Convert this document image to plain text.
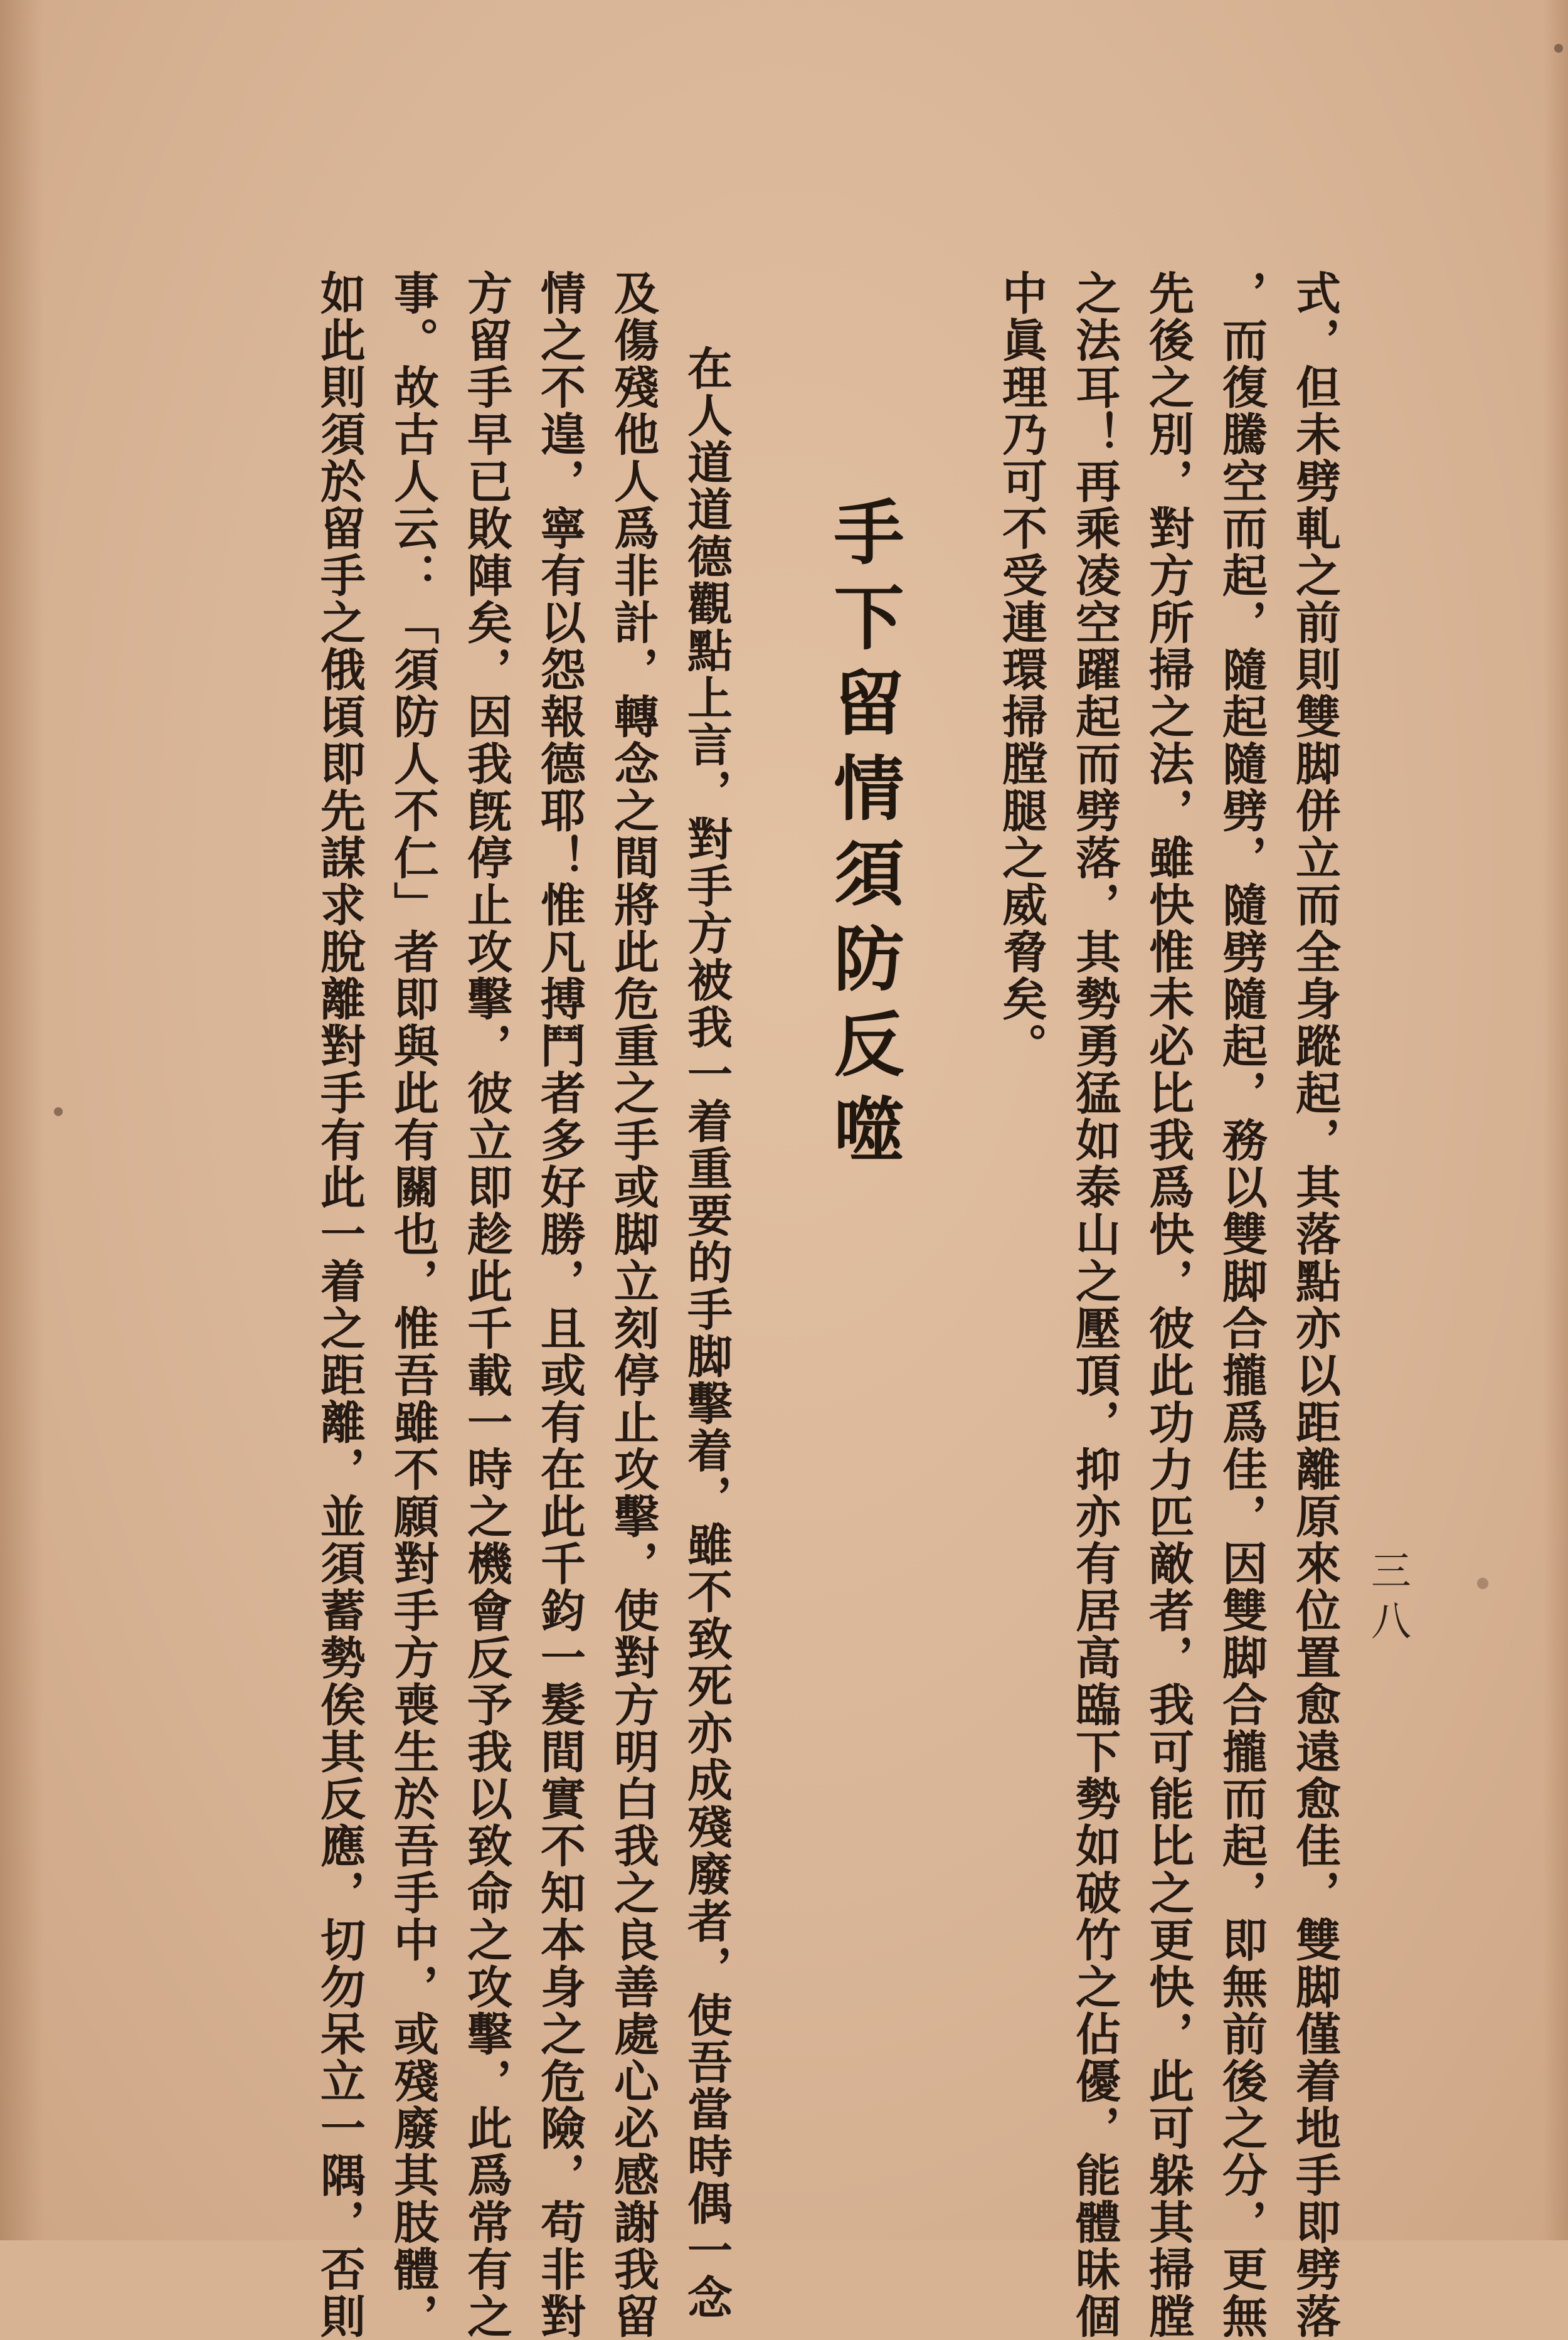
三八
式，但未劈軋之前則雙脚併立而全身蹤起，其落點亦以距離原來位置愈遠愈佳，雙脚僅着地手即劈落
，而復騰空而起，隨起隨劈，隨劈隨起，務以雙脚合攏爲佳，因雙脚合攏而起，即無前後之分，更無
先後之別，對方所掃之法，雖快惟未必比我爲快，彼此功力匹敵者，我可能比之更快，此可躲其掃膛
之法耳！再乘凌空躍起而劈落，其勢勇猛如泰山之壓頂，抑亦有居高臨下勢如破竹之佔優，能體昧個
中眞理乃可不受連環掃膛腿之威脅矣。
手下留情須防反噬
在人道道德觀點上言，對手方被我一着重要的手脚擊着，雖不致死亦成殘廢者，使吾當時偶一念
及傷殘他人爲非計，轉念之間將此危重之手或脚立刻停止攻擊，使對方明白我之良善處心必感謝我留
情之不遑，寧有以怨報德耶！惟凡搏鬥者多好勝，且或有在此千鈞一髮間實不知本身之危險，苟非對
方留手早已敗陣矣，因我旣停止攻擊，彼立即趁此千載一時之機會反予我以致命之攻擊，此爲常有之
事。故古人云：「須防人不仁」者即與此有關也，惟吾雖不願對手方喪生於吾手中，或殘廢其肢體，
如此則須於留手之俄頃即先謀求脫離對手有此一着之距離，並須蓄勢俟其反應，切勿呆立一隅，否則
